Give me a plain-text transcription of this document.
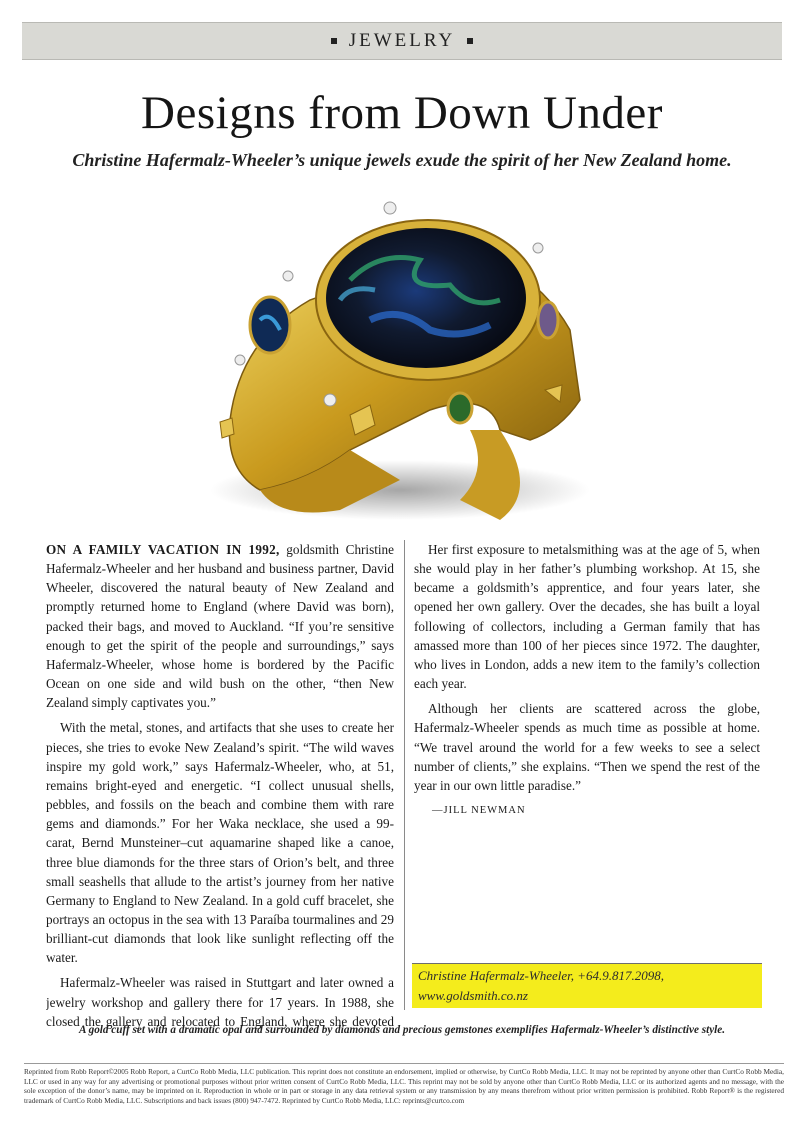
JEWELRY
Designs from Down Under
Christine Hafermalz-Wheeler’s unique jewels exude the spirit of her New Zealand home.

ON A FAMILY VACATION IN 1992, goldsmith Christine Hafermalz-Wheeler and her husband and business partner, David Wheeler, discovered the natural beauty of New Zealand and promptly returned home to England (where David was born), packed their bags, and moved to Auckland. “If you’re sensitive enough to get the spirit of the people and surroundings,” says Hafermalz-Wheeler, whose home is bordered by the Pacific Ocean on one side and wild bush on the other, “then New Zealand simply captivates you.”

With the metal, stones, and artifacts that she uses to create her pieces, she tries to evoke New Zealand’s spirit. “The wild waves inspire my gold work,” says Hafermalz-Wheeler, who, at 51, remains bright-eyed and energetic. “I collect unusual shells, pebbles, and fossils on the beach and combine them with rare gems and diamonds.” For her Waka necklace, she used a 99-carat, Bernd Munsteiner–cut aquamarine shaped like a canoe, three blue diamonds for the three stars of Orion’s belt, and three small seashells that allude to the artist’s journey from her native Germany to England to New Zealand. In a gold cuff bracelet, she portrays an octopus in the sea with 13 Paraíba tourmalines and 29 brilliant-cut diamonds that look like sunlight reflecting off the water.

Hafermalz-Wheeler was raised in Stuttgart and later owned a jewelry workshop and gallery there for 17 years. In 1988, she closed the gallery and relocated to England, where she devoted

Her first exposure to metalsmithing was at the age of 5, when she would play in her father’s plumbing workshop. At 15, she became a goldsmith’s apprentice, and four years later, she opened her own gallery. Over the decades, she has built a loyal following of collectors, including a German family that has amassed more than 100 of her pieces since 1972. The daughter, who lives in London, adds a new item to the family’s collection each year.

Although her clients are scattered across the globe, Hafermalz-Wheeler spends as much time as possible at home. “We travel around the world for a few weeks to see a select number of clients,” she explains. “Then we spend the rest of the year in our own little paradise.”

—JILL NEWMAN
Christine Hafermalz-Wheeler, +64.9.817.2098,
www.goldsmith.co.nz
A gold cuff set with a dramatic opal and surrounded by diamonds and precious gemstones exemplifies Hafermalz-Wheeler’s distinctive style.
Reprinted from Robb Report©2005 Robb Report, a CurtCo Robb Media, LLC publication. This reprint does not constitute an endorsement, implied or otherwise, by CurtCo Robb Media, LLC. It may not be reprinted by anyone other than CurtCo Robb Media, LLC or used in any way for any advertising or promotional purposes without prior written consent of CurtCo Robb Media, LLC. This reprint may not be sold by anyone other than CurtCo Robb Media, LLC or its authorized agents and no message, with the sole exception of the donor’s name, may be imprinted on it. Reproduction in whole or in part or storage in any data retrieval system or any transmission by any means therefrom without prior written permission is prohibited. Robb Report® is the registered trademark of CurtCo Robb Media, LLC. Subscriptions and back issues (800) 947-7472. Reprinted by CurtCo Robb Media, LLC: reprints@curtco.com
